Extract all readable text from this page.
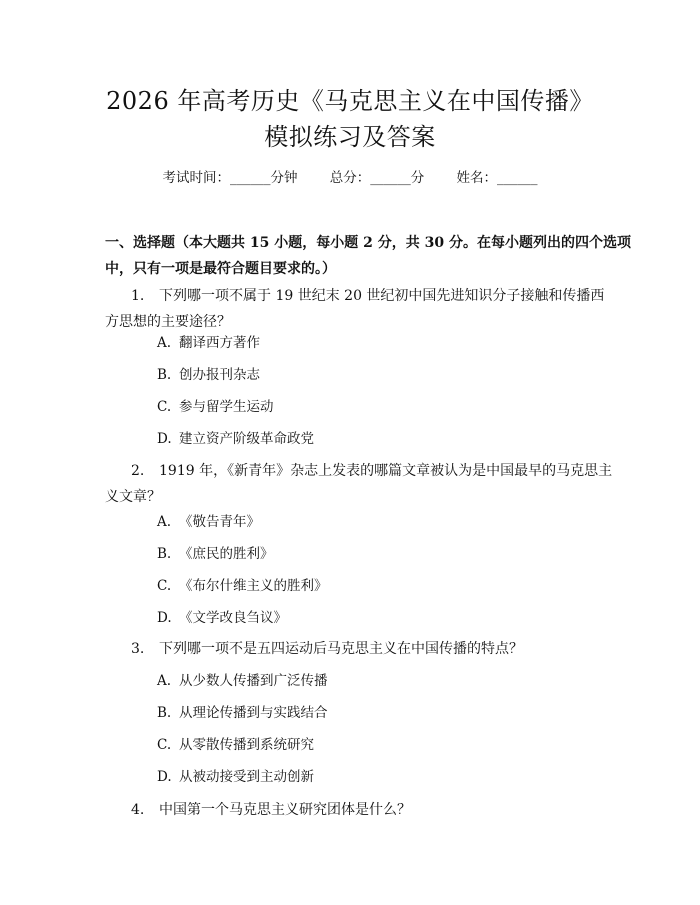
2026 年高考历史《马克思主义在中国传播》
模拟练习及答案
考试时间：______分钟 总分：______分 姓名：______
一、选择题（本大题共 15 小题，每小题 2 分，共 30 分。在每小题列出的四个选项中，只有一项是最符合题目要求的。）
1. 下列哪一项不属于 19 世纪末 20 世纪初中国先进知识分子接触和传播西方思想的主要途径？
A. 翻译西方著作
B. 创办报刊杂志
C. 参与留学生运动
D. 建立资产阶级革命政党
2. 1919 年，《新青年》杂志上发表的哪篇文章被认为是中国最早的马克思主义文章？
A. 《敬告青年》
B. 《庶民的胜利》
C. 《布尔什维主义的胜利》
D. 《文学改良刍议》
3. 下列哪一项不是五四运动后马克思主义在中国传播的特点？
A. 从少数人传播到广泛传播
B. 从理论传播到与实践结合
C. 从零散传播到系统研究
D. 从被动接受到主动创新
4. 中国第一个马克思主义研究团体是什么？
